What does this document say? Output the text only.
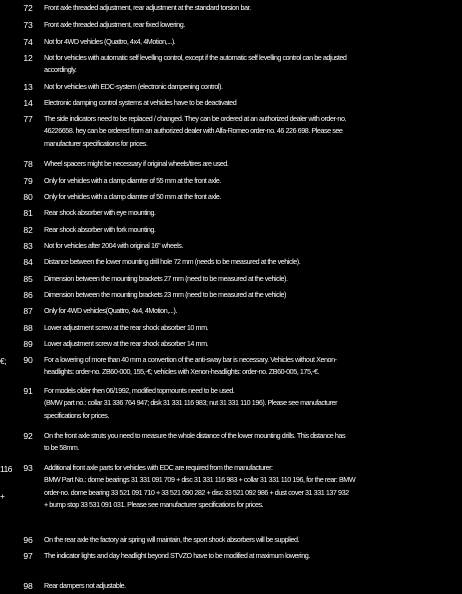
€;
116
+
72	Front axle threaded adjustment, rear adjustment at the standard torsion bar.
73	Front axle threaded adjustment, rear fixed lowering.
74	Not for 4WD vehicles (Quattro, 4x4, 4Motion,...).
12	Not for vehicles with automatic self levelling control, except if the automatic self levelling control can be adjusted
accordingly.
13	Not for vehicles with EDC-system (electronic dampening control).
14	Electronic damping control systems at vehicles have to be deactivated
77	The side indicators need to be replaced / changed. They can be ordered at an authorized dealer with order-no.
46226658. hey can be ordered from an authorized dealer with Alfa-Romeo order-no. 46 226 698. Please see
manufacturer specifications for prices.
78	Wheel spacers might be necessary if original wheels/tires are used.
79	Only for vehicles with a clamp diamter of 55 mm at the front axle.
80	Only for vehicles with a clamp diamter of 50 mm at the front axle.
81	Rear shock absorber with eye mounting.
82	Rear shock absorber with fork mounting.
83	Not for vehicles after 2004 with original 16" wheels.
84	Distance between the lower mounting drill hole 72 mm (needs to be measured at the vehicle).
85	Dimension between the mounting brackets 27 mm (need to be measured at the vehicle).
86	Dimension between the mounting brackets 23 mm (need to be measured at the vehicle)
87	Only for 4WD vehicles(Quattro, 4x4, 4Motion,...).
88	Lower adjustment screw at the rear shock absorber 10 mm.
89	Lower adjustment screw at the rear shock absorber 14 mm.
90	For a lowering of more than 40 mm a convertion of the anti-sway bar is necessary. Vehicles without Xenon-
headlights: order-no. ZB60-000, 155,-€; vehicles with Xenon-headlights: order-no. ZB60-005, 175,-€.
91	For models older then 06/1992, modified topmounts need to be used.
(BMW part no.: collar 31 336 764 947; disk 31 331 116 983; nut 31 331 110 196). Please see manufacturer
specifications for prices.
92	On the front axle struts you need to measure the whole distance of the lower mounting drills. This distance has
to be 58mm.
93	Additional front axle parts for vehicles with EDC are required from the manufacturer:
BMW Part No.: dome bearings 31 331 091 709 + disc 31 331 116 983 + collar 31 331 110 196, for the rear: BMW
order-no. dome bearing 33 521 091 710 + 33 521 090 282 + disc 33 521 092 986 + dust cover 31 331 137 932
+ bump stop 33 531 091 031. Please see manufacturer specifications for prices.
96	On the rear axle the factory air spring will maintain, the sport shock absorbers will be supplied.
97	The indicator lights and day headlight beyond STVZO have to be modified at maximum lowering.
98	Rear dampers not adjustable.
